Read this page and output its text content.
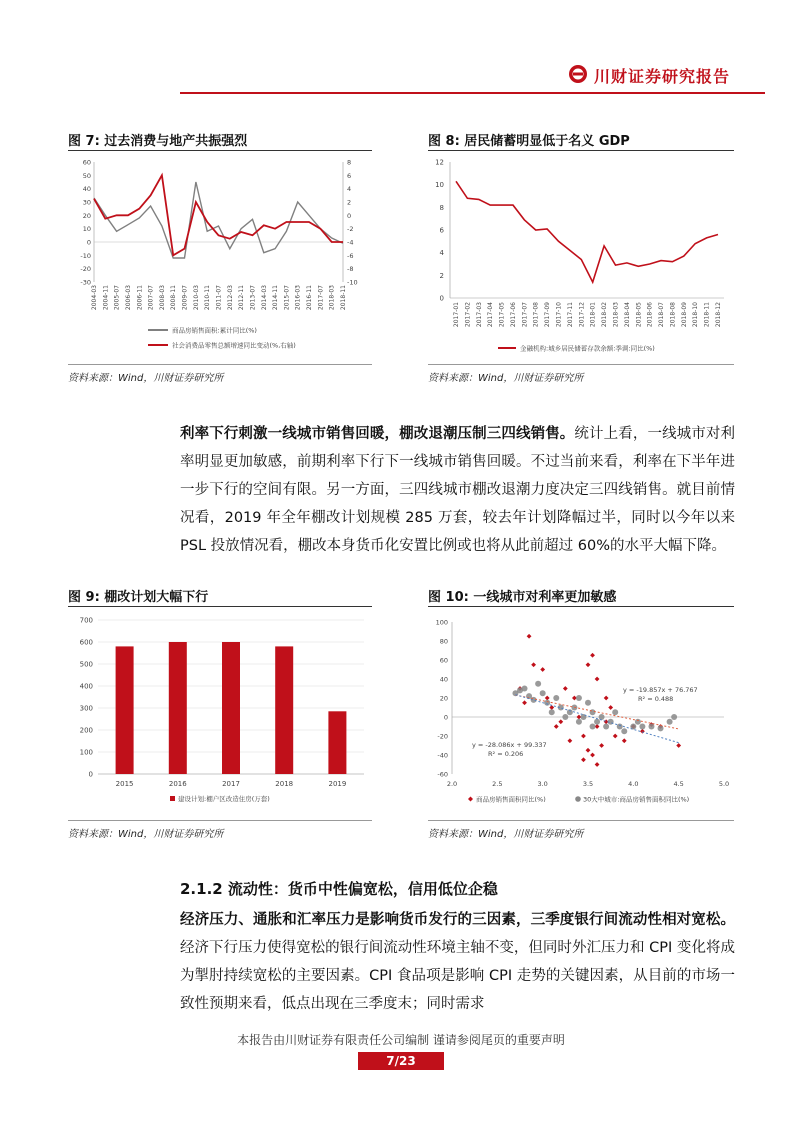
川财证券研究报告
图 7: 过去消费与地产共振强烈
60
50
40
30
20
10
0
-10
-20
-30
8
6
4
2
0
-2
-4
-6
-8
-10
2004-03 2004-11 2005-07 2006-03 2006-11 2007-07 2008-03 2008-11 2009-07 2010-03 2010-11 2011-07 2012-03 2012-11 2013-07 2014-03 2014-11 2015-07 2016-03 2016-11 2017-07 2018-03 2018-11
商品房销售面积:累计同比(%)
社会消费品零售总额增速同比变动(%,右轴)
资料来源：Wind，川财证券研究所
图 8: 居民储蓄明显低于名义 GDP
12
10
8
6
4
2
0
2017-01 2017-02 2017-03 2017-04 2017-05 2017-06 2017-07 2017-08 2017-09 2017-10 2017-11 2017-12 2018-01 2018-02 2018-03 2018-04 2018-05 2018-06 2018-07 2018-08 2018-09 2018-10 2018-11 2018-12
金融机构:城乡居民储蓄存款余额:季调:同比(%)
资料来源：Wind，川财证券研究所
利率下行刺激一线城市销售回暖，棚改退潮压制三四线销售。统计上看，一线城市对利率明显更加敏感，前期利率下行下一线城市销售回暖。不过当前来看，利率在下半年进一步下行的空间有限。另一方面，三四线城市棚改退潮力度决定三四线销售。就目前情况看，2019 年全年棚改计划规模 285 万套，较去年计划降幅过半，同时以今年以来 PSL 投放情况看，棚改本身货币化安置比例或也将从此前超过 60%的水平大幅下降。
图 9: 棚改计划大幅下行
700
600
500
400
300
200
100
0
2015	2016	2017	2018	2019
建设计划:棚户区改造住房(万套)
资料来源：Wind，川财证券研究所
图 10: 一线城市对利率更加敏感
100
80
60
40
20
0
-20
-40
-60
2.0	2.5	3.0	3.5	4.0	4.5	5.0
y = -19.857x + 76.767
R² = 0.488
y = -28.086x + 99.337
R² = 0.206
商品房销售面积同比(%)	30大中城市:商品房销售面积同比(%)
资料来源：Wind，川财证券研究所
2.1.2 流动性：货币中性偏宽松，信用低位企稳
经济压力、通胀和汇率压力是影响货币发行的三因素，三季度银行间流动性相对宽松。经济下行压力使得宽松的银行间流动性环境主轴不变，但同时外汇压力和 CPI 变化将成为掣肘持续宽松的主要因素。CPI 食品项是影响 CPI 走势的关键因素，从目前的市场一致性预期来看，低点出现在三季度末；同时需求
本报告由川财证券有限责任公司编制 谨请参阅尾页的重要声明
7/23
